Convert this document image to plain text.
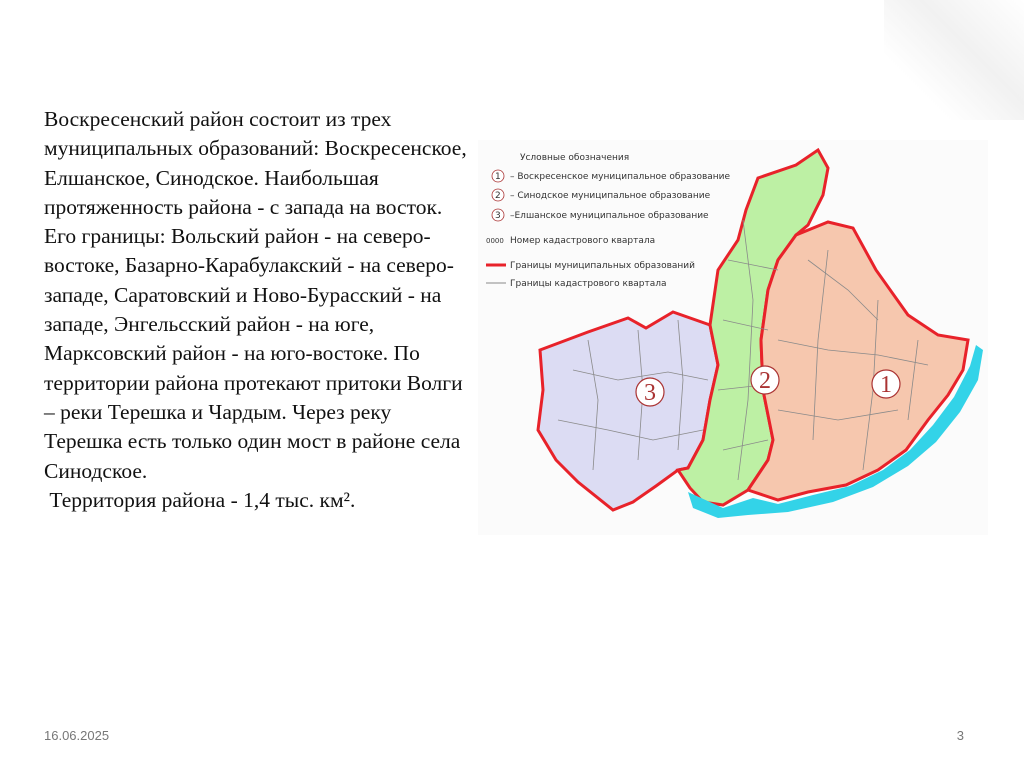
Воскресенский район состоит из трех муниципальных образований: Воскресенское, Елшанское, Синодское. Наибольшая протяженность района - с запада на восток. Его границы: Вольский район - на северо-востоке, Базарно-Карабулакский - на северо-западе, Саратовский и Ново-Бурасский - на западе, Энгельсский район - на юге, Марксовский район - на юго-востоке. По территории района протекают притоки Волги – реки Терешка и Чардым. Через реку Терешка есть только один мост в районе села Синодское.
Территория района - 1,4 тыс. км².
3	2	1
Условные обозначения
1 – Воскресенское муниципальное образование
2 – Синодское муниципальное образование
3 –Елшанское муниципальное образование
0000 Номер кадастрового квартала
Границы муниципальных образований
Границы кадастрового квартала
16.06.2025	3
